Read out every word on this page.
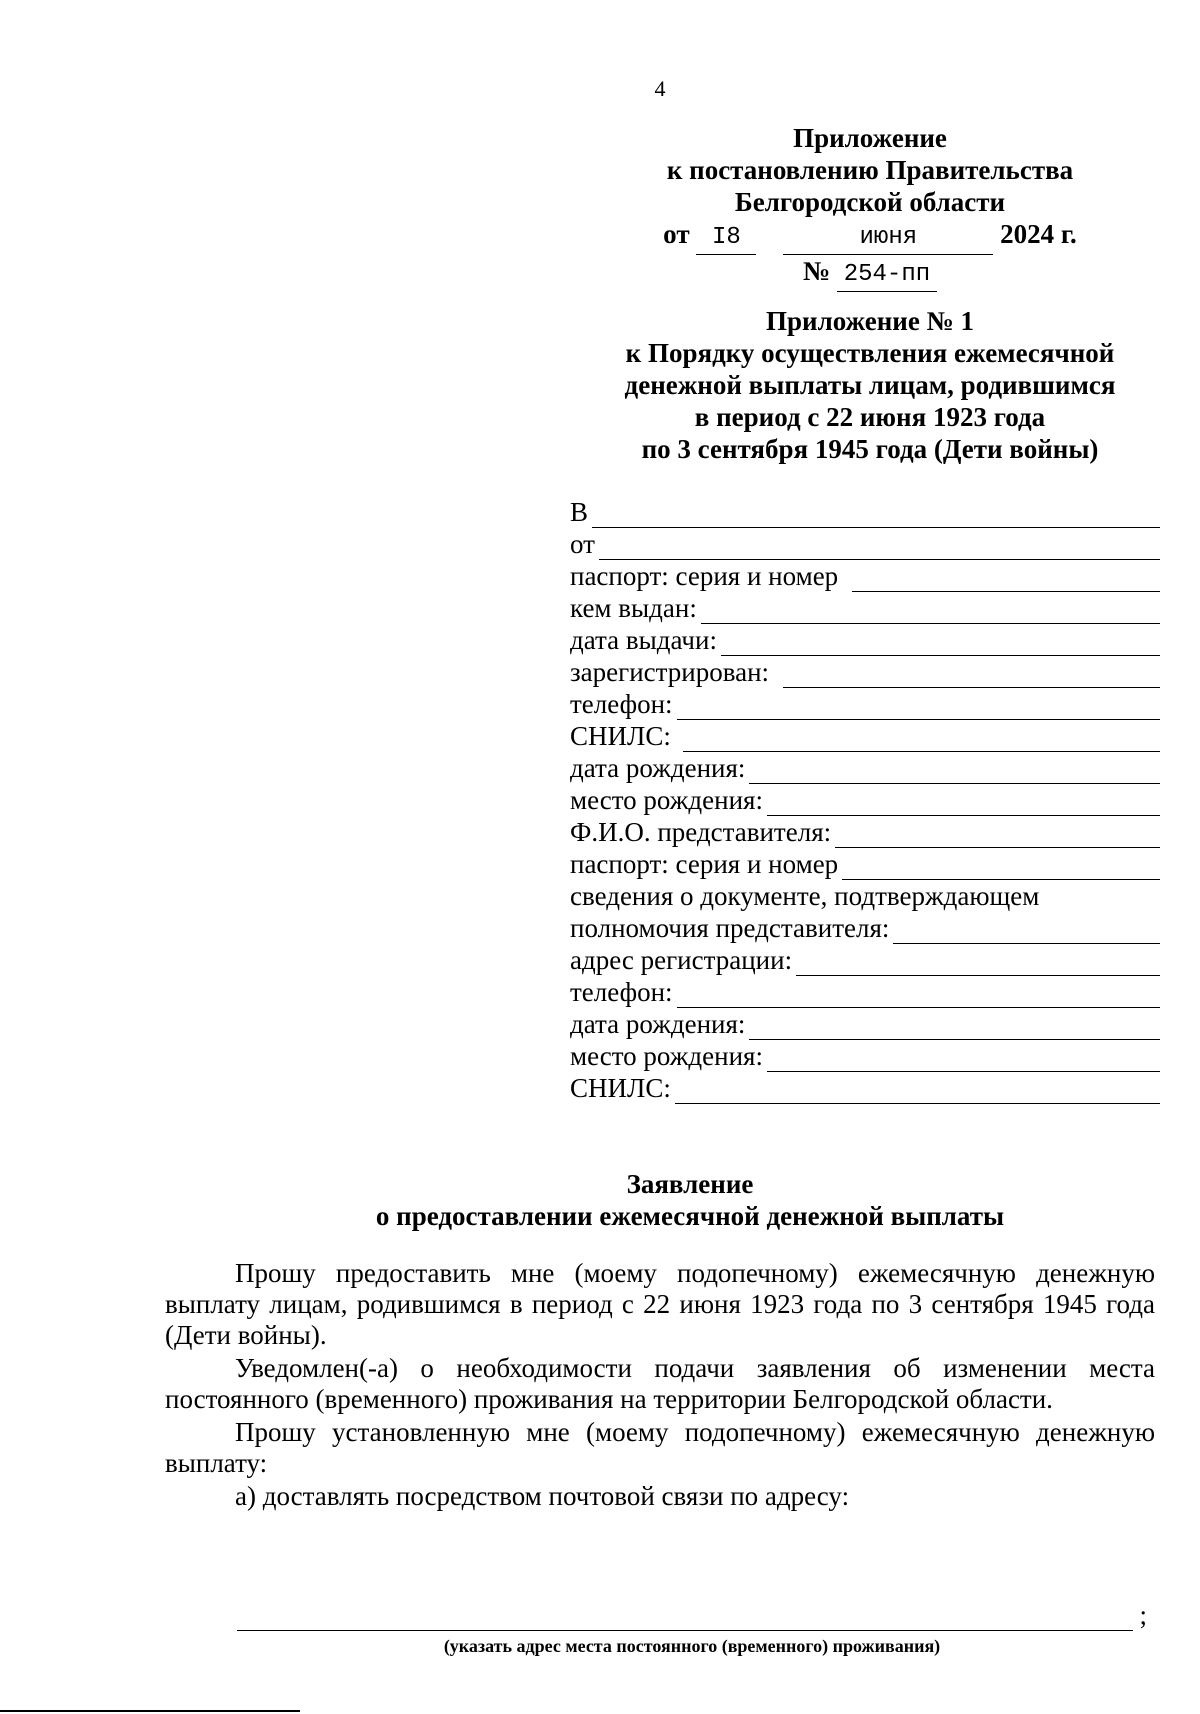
4
Приложение
к постановлению Правительства
Белгородской области
от I8	июня	2024 г.
№ 254-пп
Приложение № 1
к Порядку осуществления ежемесячной
денежной выплаты лицам, родившимся
в период с 22 июня 1923 года
по 3 сентября 1945 года (Дети войны)
В
от
паспорт: серия и номер
кем выдан:
дата выдачи:
зарегистрирован:
телефон:
СНИЛС:
дата рождения:
место рождения:
Ф.И.О. представителя:
паспорт: серия и номер
сведения о документе, подтверждающем
полномочия представителя:
адрес регистрации:
телефон:
дата рождения:
место рождения:
СНИЛС:
Заявление
о предоставлении ежемесячной денежной выплаты

Прошу предоставить мне (моему подопечному) ежемесячную денежную выплату лицам, родившимся в период с 22 июня 1923 года по 3 сентября 1945 года (Дети войны).

Уведомлен(-а) о необходимости подачи заявления об изменении места постоянного (временного) проживания на территории Белгородской области.

Прошу установленную мне (моему подопечному) ежемесячную денежную выплату:

а) доставлять посредством почтовой связи по адресу:

;
(указать адрес места постоянного (временного) проживания)
